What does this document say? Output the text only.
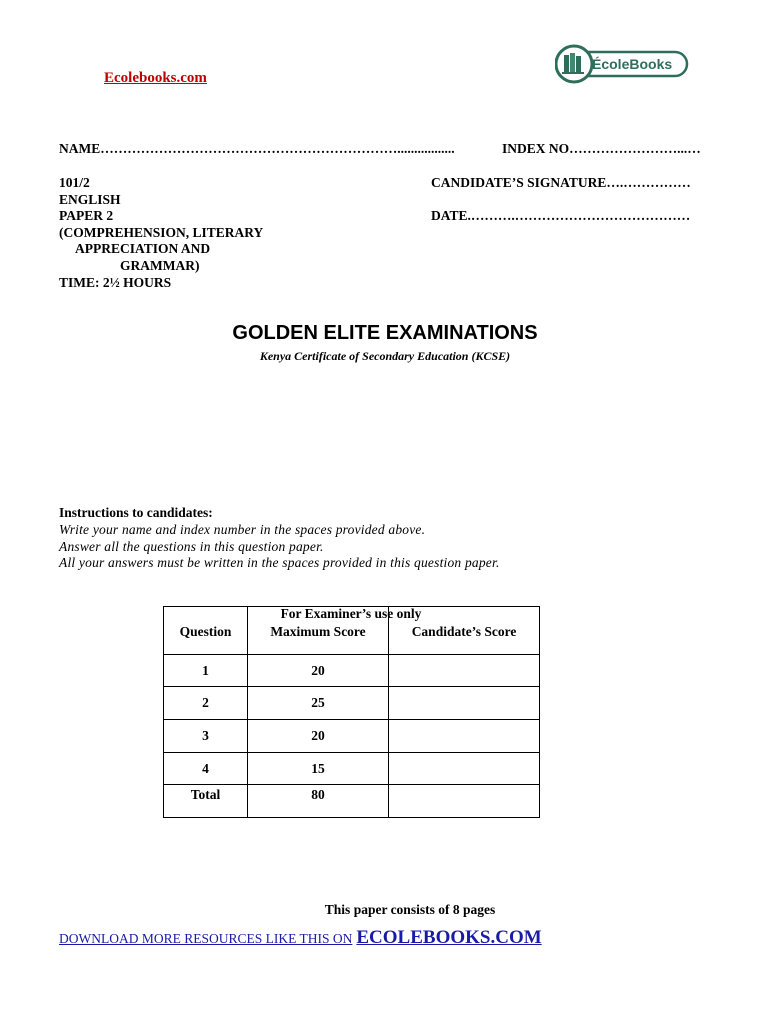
Ecolebooks.com
ÉcoleBooks
NAME………………………………………………………….................	INDEX NO……………………...…
101/2
ENGLISH
PAPER 2
(COMPREHENSION, LITERARY
APPRECIATION AND
GRAMMAR)
TIME: 2½ HOURS
CANDIDATE’S SIGNATURE….……………
DATE.……….…………………………………
GOLDEN ELITE EXAMINATIONS
Kenya Certificate of Secondary Education (KCSE)
Instructions to candidates:
Write your name and index number in the spaces provided above.
Answer all the questions in this question paper.
All your answers must be written in the spaces provided in this question paper.
For Examiner’s use only
Question	Maximum Score	Candidate’s Score
1	20	
2	25	
3	20	
4	15	
Total	80	
This paper consists of 8 pages
DOWNLOAD MORE RESOURCES LIKE THIS ON ECOLEBOOKS.COM
